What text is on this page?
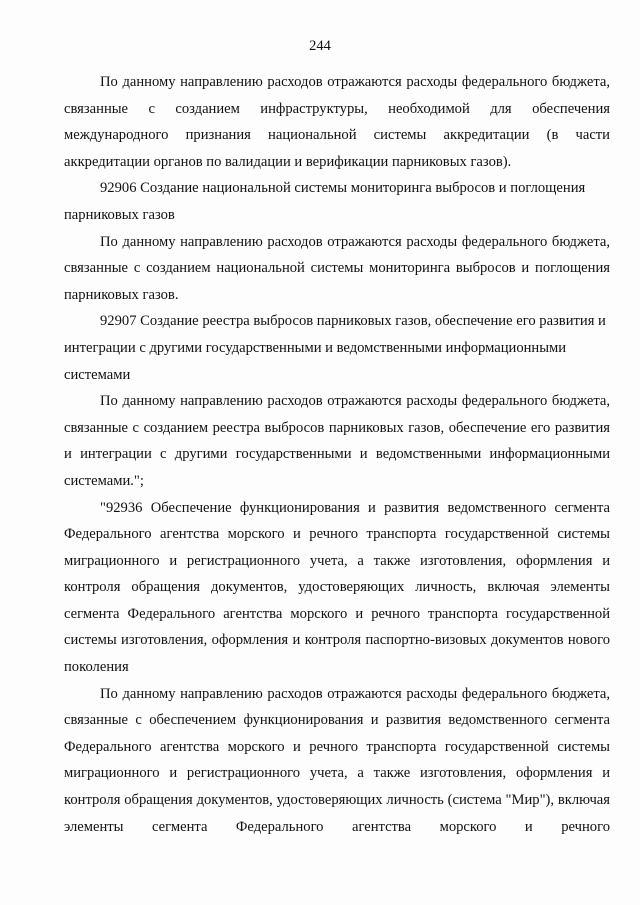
244

По данному направлению расходов отражаются расходы федерального бюджета, связанные с созданием инфраструктуры, необходимой для обеспечения международного признания национальной системы аккредитации (в части аккредитации органов по валидации и верификации парниковых газов).

92906 Создание национальной системы мониторинга выбросов и поглощения парниковых газов

По данному направлению расходов отражаются расходы федерального бюджета, связанные с созданием национальной системы мониторинга выбросов и поглощения парниковых газов.

92907 Создание реестра выбросов парниковых газов, обеспечение его развития и интеграции с другими государственными и ведомственными информационными системами

По данному направлению расходов отражаются расходы федерального бюджета, связанные с созданием реестра выбросов парниковых газов, обеспечение его развития и интеграции с другими государственными и ведомственными информационными системами.";

"92936 Обеспечение функционирования и развития ведомственного сегмента Федерального агентства морского и речного транспорта государственной системы миграционного и регистрационного учета, а также изготовления, оформления и контроля обращения документов, удостоверяющих личность, включая элементы сегмента Федерального агентства морского и речного транспорта государственной системы изготовления, оформления и контроля паспортно-визовых документов нового поколения

По данному направлению расходов отражаются расходы федерального бюджета, связанные с обеспечением функционирования и развития ведомственного сегмента Федерального агентства морского и речного транспорта государственной системы миграционного и регистрационного учета, а также изготовления, оформления и контроля обращения документов, удостоверяющих личность (система "Мир"), включая элементы сегмента Федерального агентства морского и речного
